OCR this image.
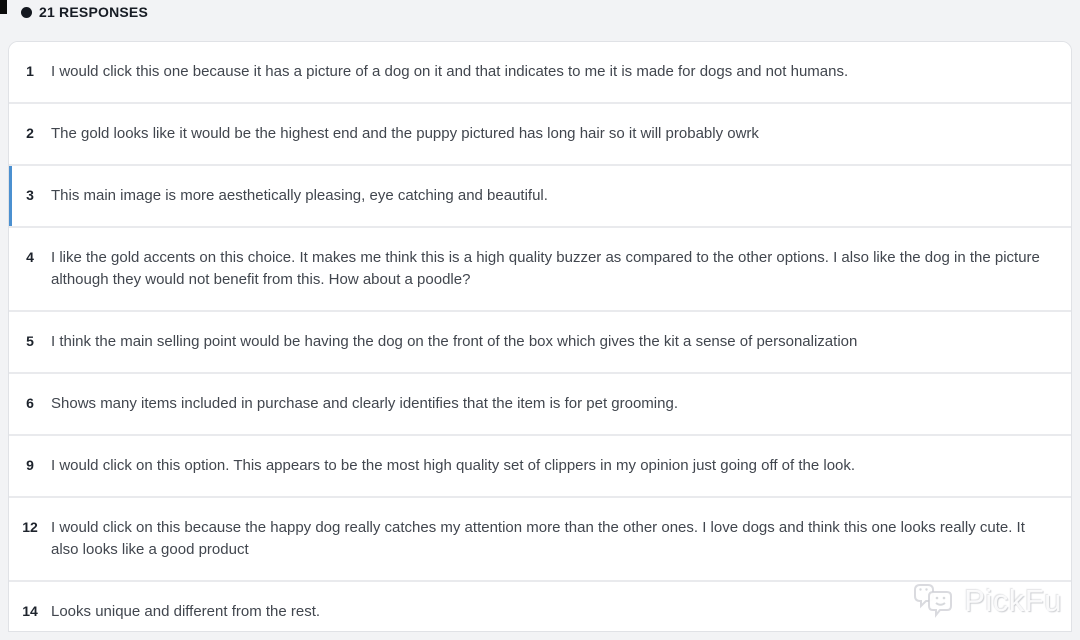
21 RESPONSES
1	I would click this one because it has a picture of a dog on it and that indicates to me it is made for dogs and not humans.
2	The gold looks like it would be the highest end and the puppy pictured has long hair so it will probably owrk
3	This main image is more aesthetically pleasing, eye catching and beautiful.
4	I like the gold accents on this choice. It makes me think this is a high quality buzzer as compared to the other options. I also like the dog in the picture although they would not benefit from this. How about a poodle?
5	I think the main selling point would be having the dog on the front of the box which gives the kit a sense of personalization
6	Shows many items included in purchase and clearly identifies that the item is for pet grooming.
9	I would click on this option. This appears to be the most high quality set of clippers in my opinion just going off of the look.
12 I would click on this because the happy dog really catches my attention more than the other ones. I love dogs and think this one looks really cute. It also looks like a good product
14 Looks unique and different from the rest.	PickFu
